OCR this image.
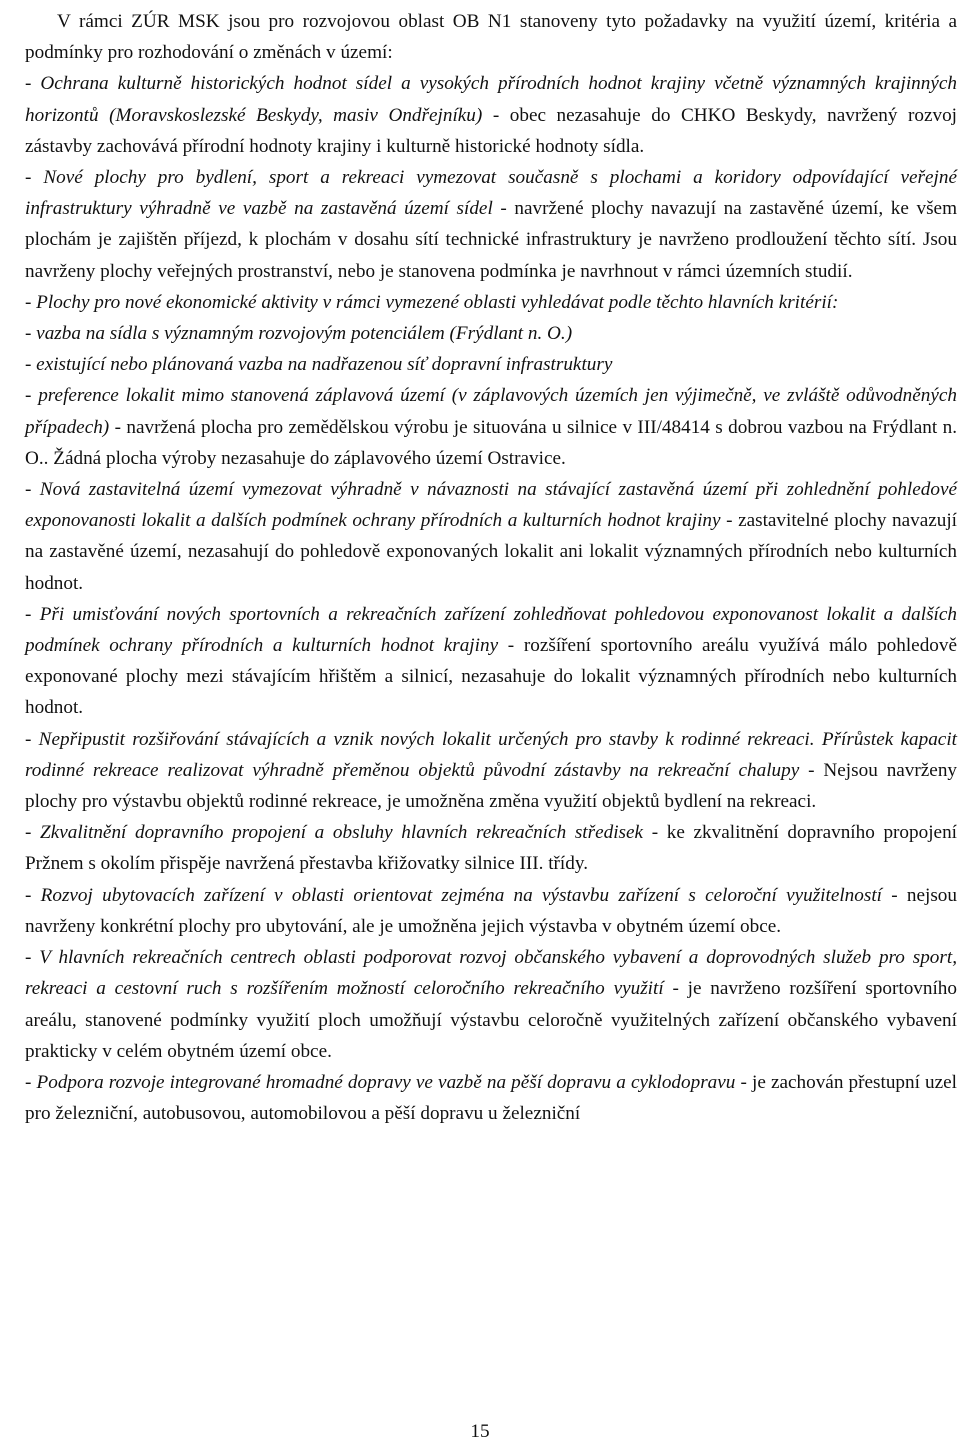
V rámci ZÚR MSK jsou pro rozvojovou oblast OB N1 stanoveny tyto požadavky na využití území, kritéria a podmínky pro rozhodování o změnách v území:

- Ochrana kulturně historických hodnot sídel a vysokých přírodních hodnot krajiny včetně významných krajinných horizontů (Moravskoslezské Beskydy, masiv Ondřejníku) - obec nezasahuje do CHKO Beskydy, navržený rozvoj zástavby zachovává přírodní hodnoty krajiny i kulturně historické hodnoty sídla.

- Nové plochy pro bydlení, sport a rekreaci vymezovat současně s plochami a koridory odpovídající veřejné infrastruktury výhradně ve vazbě na zastavěná území sídel - navržené plochy navazují na zastavěné území, ke všem plochám je zajištěn příjezd, k plochám v dosahu sítí technické infrastruktury je navrženo prodloužení těchto sítí. Jsou navrženy plochy veřejných prostranství, nebo je stanovena podmínka je navrhnout v rámci územních studií.

- Plochy pro nové ekonomické aktivity v rámci vymezené oblasti vyhledávat podle těchto hlavních kritérií:

- vazba na sídla s významným rozvojovým potenciálem (Frýdlant n. O.)

- existující nebo plánovaná vazba na nadřazenou síť dopravní infrastruktury

- preference lokalit mimo stanovená záplavová území (v záplavových územích jen výjimečně, ve zvláště odůvodněných případech) - navržená plocha pro zemědělskou výrobu je situována u silnice v III/48414 s dobrou vazbou na Frýdlant n. O.. Žádná plocha výroby nezasahuje do záplavového území Ostravice.

- Nová zastavitelná území vymezovat výhradně v návaznosti na stávající zastavěná území při zohlednění pohledové exponovanosti lokalit a dalších podmínek ochrany přírodních a kulturních hodnot krajiny - zastavitelné plochy navazují na zastavěné území, nezasahují do pohledově exponovaných lokalit ani lokalit významných přírodních nebo kulturních hodnot.

- Při umisťování nových sportovních a rekreačních zařízení zohledňovat pohledovou exponovanost lokalit a dalších podmínek ochrany přírodních a kulturních hodnot krajiny - rozšíření sportovního areálu využívá málo pohledově exponované plochy mezi stávajícím hřištěm a silnicí, nezasahuje do lokalit významných přírodních nebo kulturních hodnot.

- Nepřipustit rozšiřování stávajících a vznik nových lokalit určených pro stavby k rodinné rekreaci. Přírůstek kapacit rodinné rekreace realizovat výhradně přeměnou objektů původní zástavby na rekreační chalupy - Nejsou navrženy plochy pro výstavbu objektů rodinné rekreace, je umožněna změna využití objektů bydlení na rekreaci.

- Zkvalitnění dopravního propojení a obsluhy hlavních rekreačních středisek - ke zkvalitnění dopravního propojení Pržnem s okolím přispěje navržená přestavba křižovatky silnice III. třídy.

- Rozvoj ubytovacích zařízení v oblasti orientovat zejména na výstavbu zařízení s celoroční využitelností - nejsou navrženy konkrétní plochy pro ubytování, ale je umožněna jejich výstavba v obytném území obce.

- V hlavních rekreačních centrech oblasti podporovat rozvoj občanského vybavení a doprovodných služeb pro sport, rekreaci a cestovní ruch s rozšířením možností celoročního rekreačního využití - je navrženo rozšíření sportovního areálu, stanovené podmínky využití ploch umožňují výstavbu celoročně využitelných zařízení občanského vybavení prakticky v celém obytném území obce.

- Podpora rozvoje integrované hromadné dopravy ve vazbě na pěší dopravu a cyklodopravu - je zachován přestupní uzel pro železniční, autobusovou, automobilovou a pěší dopravu u železniční

15
